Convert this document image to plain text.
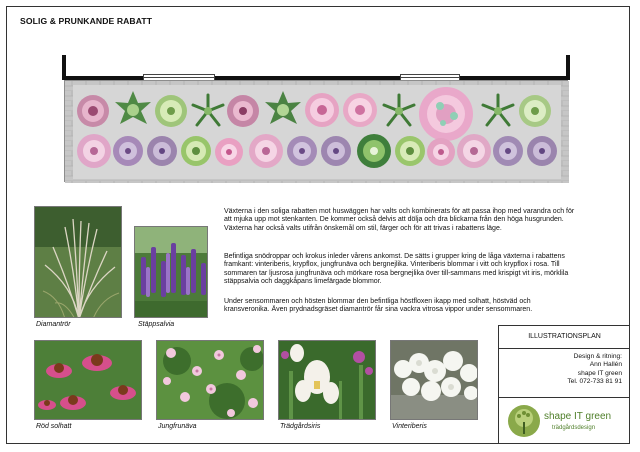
SOLIG & PRUNKANDE RABATT
Diamantrör	Stäppsalvia

Växterna i den soliga rabatten mot huswäggen har valts och kombinerats för att passa ihop med varandra och för att mjuka upp mot stenkanten. De kommer också delvis att dölja och dra blickarna från den höga husgrunden. Växterna har också valts utifrån önskemål om stil, färger och för att trivas i rabattens läge.

Befintliga snödroppar och krokus inleder vårens ankomst. De sätts i grupper kring de låga växterna i rabattens framkant: vinteriberis, krypflox, jungfrunäva och bergnejlika. Vinteriberis blommar i vitt och krypflox i rosa. Till sommaren tar ljusrosa jungfrunäva och mörkare rosa bergnejlika över till-sammans med krispigt vit iris, mörklila stäppsalvia och daggkåpans limefärgade blommor.

Under sensommaren och hösten blommar den befintliga höstfloxen ikapp med solhatt, höstväd och kransveronika. Även prydnadsgräset diamantrör får sina vackra vitrosa vippor under sensommaren.

Röd solhatt	Jungfrunäva	Trädgårdsiris	Vinteriberis
ILLUSTRATIONSPLAN
Design & ritning:
Ann Hallén
shape IT green
Tel. 072-733 81 91
shape IT green
trädgårdsdesign
